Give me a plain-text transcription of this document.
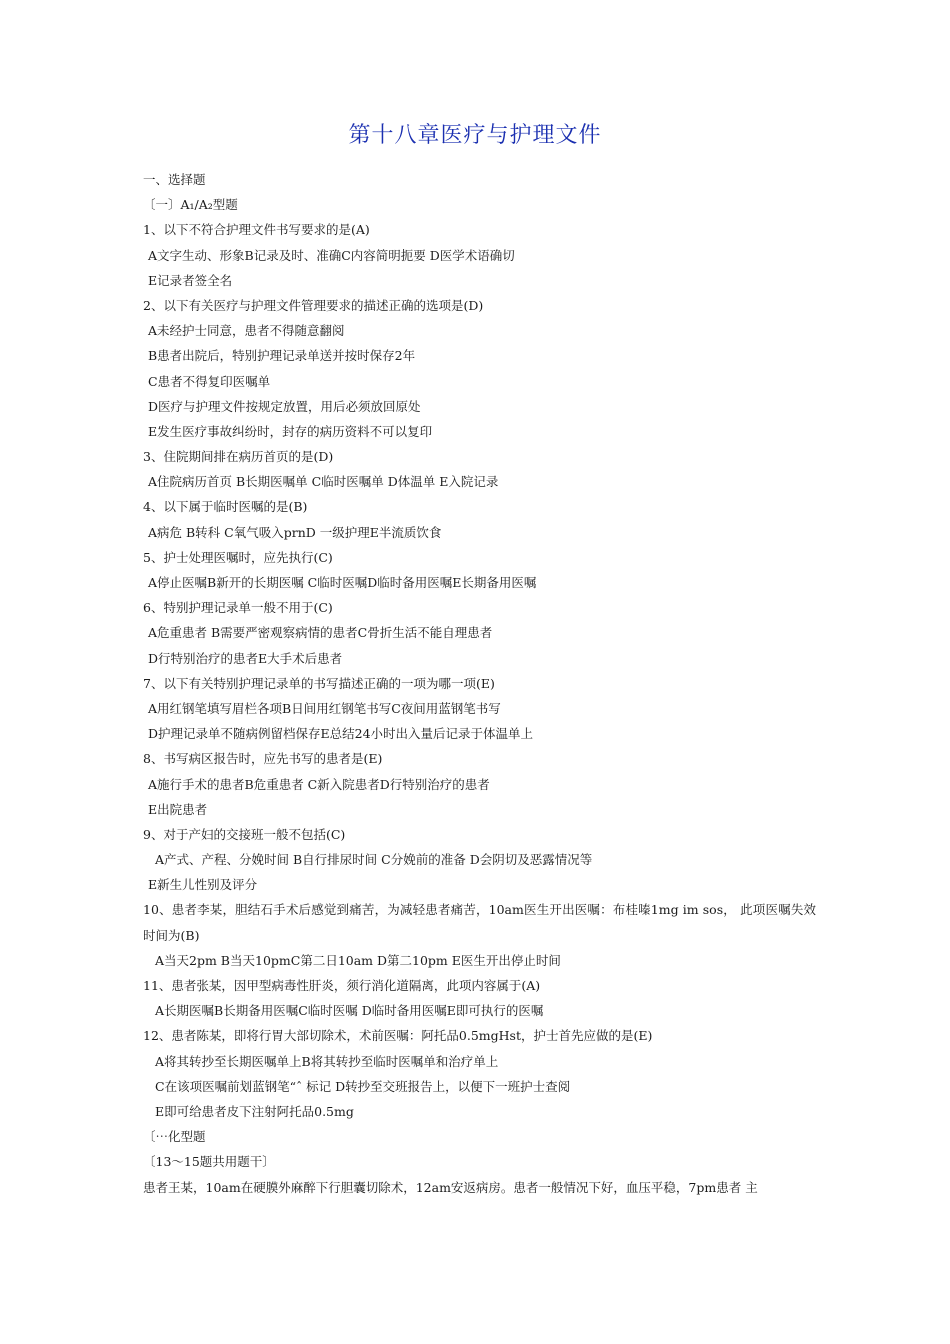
第十八章医疗与护理文件
一、选择题
〔一〕A₁/A₂型题
1、以下不符合护理文件书写要求的是(A)
A文字生动、形象B记录及时、准确C内容简明扼要 D医学术语确切
E记录者签全名
2、以下有关医疗与护理文件管理要求的描述正确的选项是(D)
A未经护士同意，患者不得随意翻阅
B患者出院后，特别护理记录单送并按时保存2年
C患者不得复印医嘱单
D医疗与护理文件按规定放置，用后必须放回原处
E发生医疗事故纠纷时，封存的病历资料不可以复印
3、住院期间排在病历首页的是(D)
A住院病历首页 B长期医嘱单 C临时医嘱单 D体温单 E入院记录
4、以下属于临时医嘱的是(B)
A病危 B转科 C氧气吸入prnD 一级护理E半流质饮食
5、护士处理医嘱时，应先执行(C)
A停止医嘱B新开的长期医嘱 C临时医嘱D临时备用医嘱E长期备用医嘱
6、特别护理记录单一般不用于(C)
A危重患者 B需要严密观察病情的患者C骨折生活不能自理患者
D行特别治疗的患者E大手术后患者
7、以下有关特别护理记录单的书写描述正确的一项为哪一项(E)
A用红钢笔填写眉栏各项B日间用红钢笔书写C夜间用蓝钢笔书写
D护理记录单不随病例留档保存E总结24小时出入量后记录于体温单上
8、书写病区报告时，应先书写的患者是(E)
A施行手术的患者B危重患者 C新入院患者D行特别治疗的患者
E出院患者
9、对于产妇的交接班一般不包括(C)
A产式、产程、分娩时间 B自行排尿时间 C分娩前的准备 D会阴切及恶露情况等
E新生儿性别及评分
10、患者李某，胆结石手术后感觉到痛苦，为减轻患者痛苦，10am医生开出医嘱：布桂嗪1mg im sos， 此项医嘱失效时间为(B)
A当天2pm B当天10pmC第二日10am D第二10pm E医生开出停止时间
11、患者张某，因甲型病毒性肝炎，须行消化道隔离，此项内容属于(A)
A长期医嘱B长期备用医嘱C临时医嘱 D临时备用医嘱E即可执行的医嘱
12、患者陈某，即将行胃大部切除术，术前医嘱：阿托品0.5mgHst，护士首先应做的是(E)
A将其转抄至长期医嘱单上B将其转抄至临时医嘱单和治疗单上
C在该项医嘱前划蓝钢笔“ˆ 标记 D转抄至交班报告上，以便下一班护士查阅
E即可给患者皮下注射阿托品0.5mg
〔⋯化型题
〔13〜15题共用题干〕
患者王某，10am在硬膜外麻醉下行胆囊切除术，12am安返病房。患者一般情况下好，血压平稳，7pm患者 主
